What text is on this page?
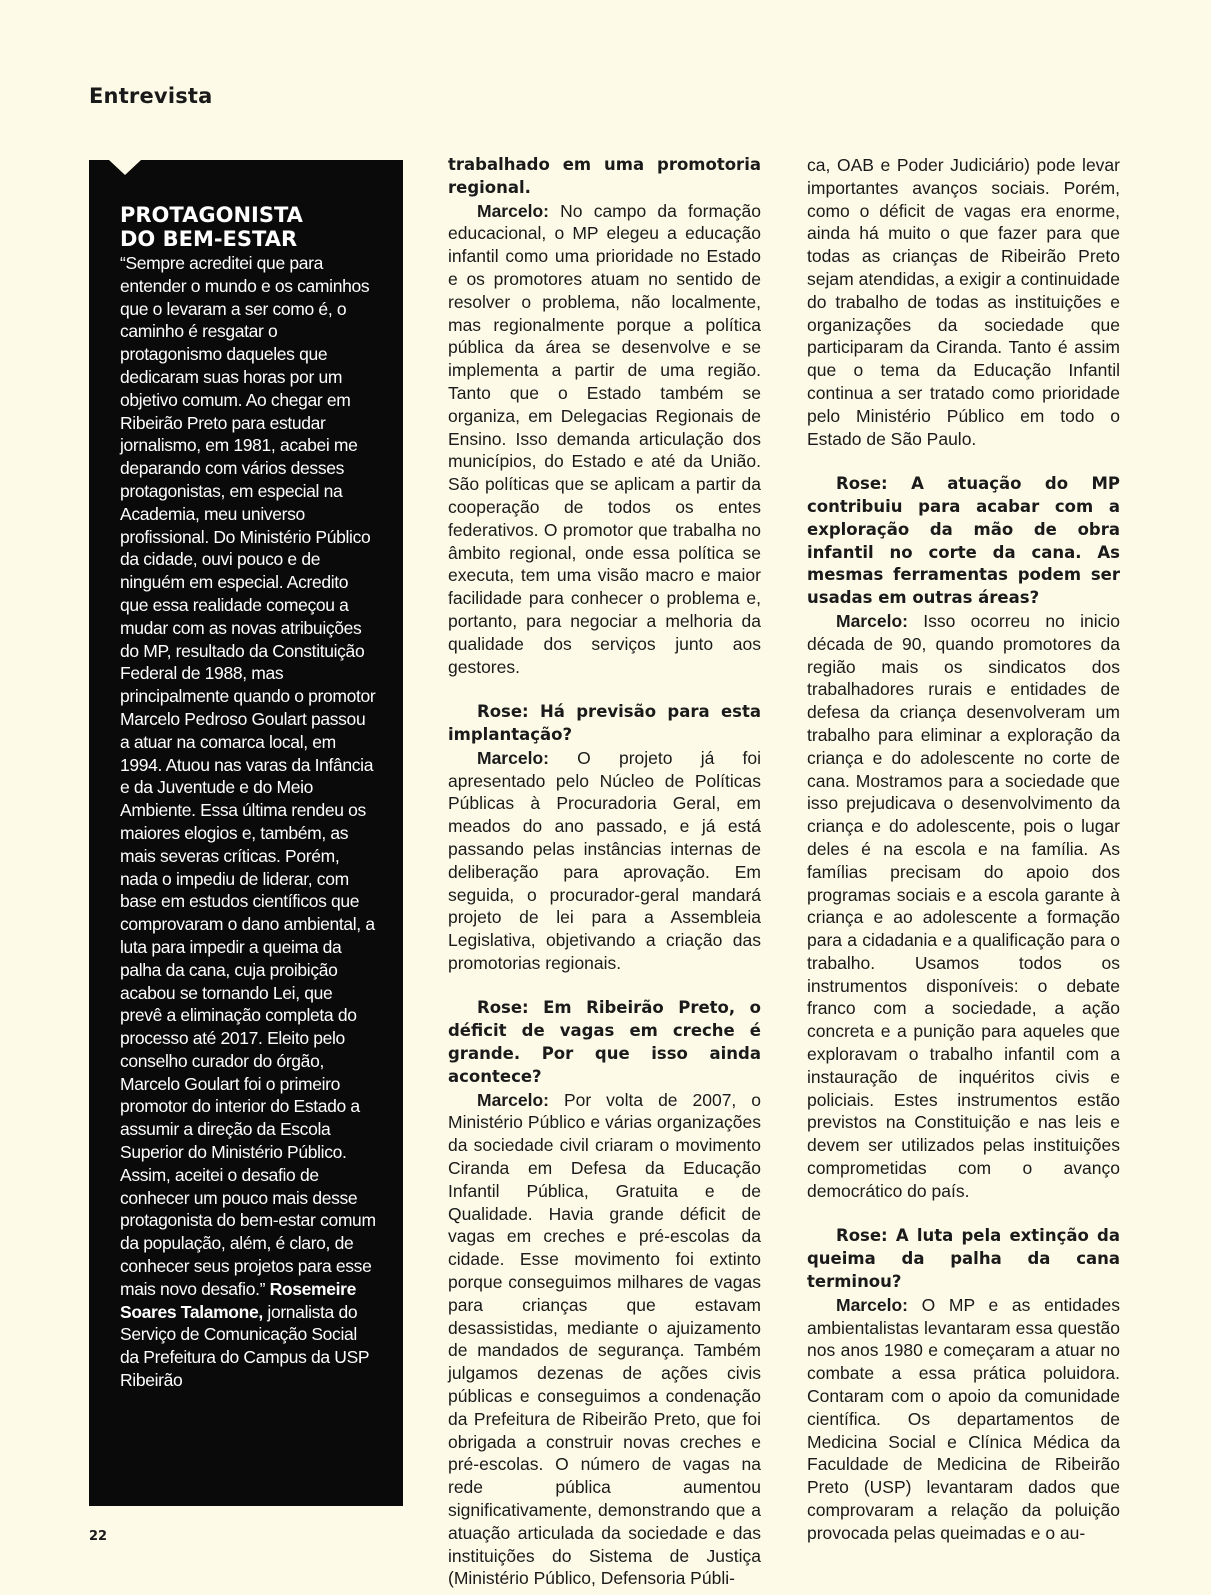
Entrevista
PROTAGONISTA
DO BEM-ESTAR
“Sempre acreditei que para entender o mundo e os caminhos que o levaram a ser como é, o caminho é resgatar o protagonismo daqueles que dedicaram suas horas por um objetivo comum. Ao chegar em Ribeirão Preto para estudar jornalismo, em 1981, acabei me deparando com vários desses protagonistas, em especial na Academia, meu universo profissional. Do Ministério Público da cidade, ouvi pouco e de ninguém em especial. Acredito que essa realidade começou a mudar com as novas atribuições do MP, resultado da Constituição Federal de 1988, mas principalmente quando o promotor Marcelo Pedroso Goulart passou a atuar na comarca local, em 1994. Atuou nas varas da Infância e da Juventude e do Meio Ambiente. Essa última rendeu os maiores elogios e, também, as mais severas críticas. Porém, nada o impediu de liderar, com base em estudos científicos que comprovaram o dano ambiental, a luta para impedir a queima da palha da cana, cuja proibição acabou se tornando Lei, que prevê a eliminação completa do processo até 2017. Eleito pelo conselho curador do órgão, Marcelo Goulart foi o primeiro promotor do interior do Estado a assumir a direção da Escola Superior do Ministério Público. Assim, aceitei o desafio de conhecer um pouco mais desse protagonista do bem-estar comum da população, além, é claro, de conhecer seus projetos para esse mais novo desafio.” Rosemeire Soares Talamone, jornalista do Serviço de Comunicação Social da Prefeitura do Campus da USP Ribeirão

trabalhado em uma promotoria regional.

Marcelo: No campo da formação educacional, o MP elegeu a educação infantil como uma prioridade no Estado e os promotores atuam no sentido de resolver o problema, não localmente, mas regionalmente porque a política pública da área se desenvolve e se implementa a partir de uma região. Tanto que o Estado também se organiza, em Delegacias Regionais de Ensino. Isso demanda articulação dos municípios, do Estado e até da União. São políticas que se aplicam a partir da cooperação de todos os entes federativos. O promotor que trabalha no âmbito regional, onde essa política se executa, tem uma visão macro e maior facilidade para conhecer o problema e, portanto, para negociar a melhoria da qualidade dos serviços junto aos gestores.

Rose: Há previsão para esta implantação?

Marcelo: O projeto já foi apresentado pelo Núcleo de Políticas Públicas à Procuradoria Geral, em meados do ano passado, e já está passando pelas instâncias internas de deliberação para aprovação. Em seguida, o procurador-geral mandará projeto de lei para a Assembleia Legislativa, objetivando a criação das promotorias regionais.

Rose: Em Ribeirão Preto, o déficit de vagas em creche é grande. Por que isso ainda acontece?

Marcelo: Por volta de 2007, o Ministério Público e várias organizações da sociedade civil criaram o movimento Ciranda em Defesa da Educação Infantil Pública, Gratuita e de Qualidade. Havia grande déficit de vagas em creches e pré-escolas da cidade. Esse movimento foi extinto porque conseguimos milhares de vagas para crianças que estavam desassistidas, mediante o ajuizamento de mandados de segurança. Também julgamos dezenas de ações civis públicas e conseguimos a condenação da Prefeitura de Ribeirão Preto, que foi obrigada a construir novas creches e pré-escolas. O número de vagas na rede pública aumentou significativamente, demonstrando que a atuação articulada da sociedade e das instituições do Sistema de Justiça (Ministério Público, Defensoria Públi-

ca, OAB e Poder Judiciário) pode levar importantes avanços sociais. Porém, como o déficit de vagas era enorme, ainda há muito o que fazer para que todas as crianças de Ribeirão Preto sejam atendidas, a exigir a continuidade do trabalho de todas as instituições e organizações da sociedade que participaram da Ciranda. Tanto é assim que o tema da Educação Infantil continua a ser tratado como prioridade pelo Ministério Público em todo o Estado de São Paulo.

Rose: A atuação do MP contribuiu para acabar com a exploração da mão de obra infantil no corte da cana. As mesmas ferramentas podem ser usadas em outras áreas?

Marcelo: Isso ocorreu no inicio década de 90, quando promotores da região mais os sindicatos dos trabalhadores rurais e entidades de defesa da criança desenvolveram um trabalho para eliminar a exploração da criança e do adolescente no corte de cana. Mostramos para a sociedade que isso prejudicava o desenvolvimento da criança e do adolescente, pois o lugar deles é na escola e na família. As famílias precisam do apoio dos programas sociais e a escola garante à criança e ao adolescente a formação para a cidadania e a qualificação para o trabalho. Usamos todos os instrumentos disponíveis: o debate franco com a sociedade, a ação concreta e a punição para aqueles que exploravam o trabalho infantil com a instauração de inquéritos civis e policiais. Estes instrumentos estão previstos na Constituição e nas leis e devem ser utilizados pelas instituições comprometidas com o avanço democrático do país.

Rose: A luta pela extinção da queima da palha da cana terminou?

Marcelo: O MP e as entidades ambientalistas levantaram essa questão nos anos 1980 e começaram a atuar no combate a essa prática poluidora. Contaram com o apoio da comunidade científica. Os departamentos de Medicina Social e Clínica Médica da Faculdade de Medicina de Ribeirão Preto (USP) levantaram dados que comprovaram a relação da poluição provocada pelas queimadas e o au-

22
